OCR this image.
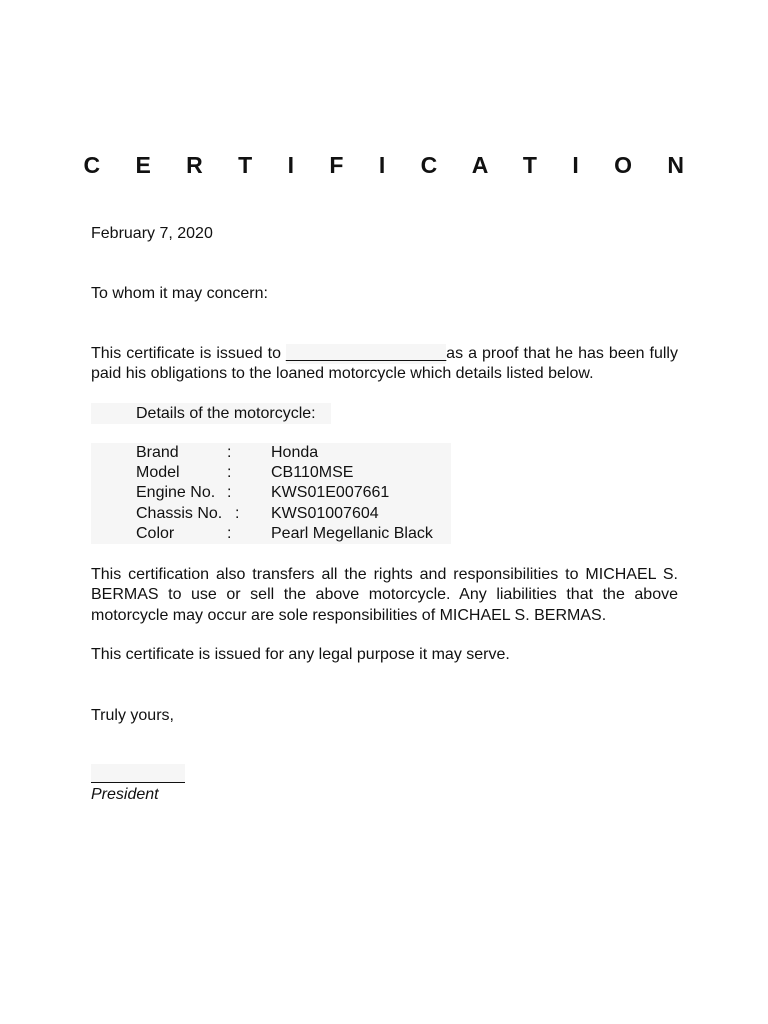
C E R T I F I C A T I O N
February 7, 2020
To whom it may concern:
This certificate is issued to __________________as a proof that he has been fully paid his obligations to the loaned motorcycle which details listed below.
Details of the motorcycle:
Brand	: Honda
Model	: CB110MSE
Engine No. : KWS01E007661
Chassis No. : KWS01007604
Color	: Pearl Megellanic Black
This certification also transfers all the rights and responsibilities to MICHAEL S. BERMAS to use or sell the above motorcycle. Any liabilities that the above motorcycle may occur are sole responsibilities of MICHAEL S. BERMAS.
This certificate is issued for any legal purpose it may serve.
Truly yours,
President
